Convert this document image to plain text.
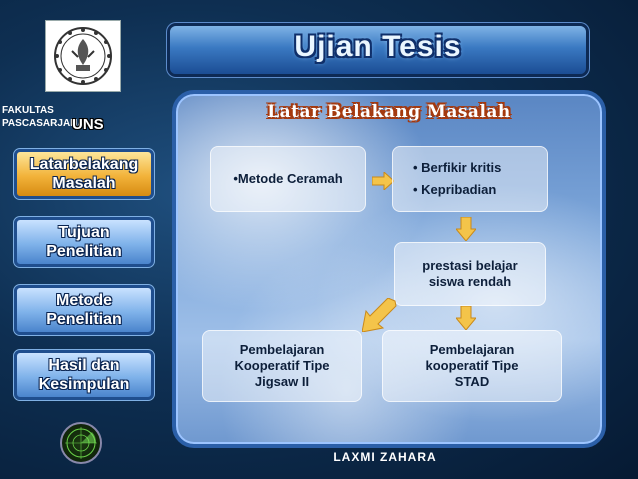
FAKULTAS
PASCASARJANA
UNS
Ujian Tesis
Latarbelakang Masalah
Tujuan Penelitian
Metode Penelitian
Hasil dan Kesimpulan
Latar Belakang Masalah
•Metode Ceramah
• Berfikir kritis
• Kepribadian
prestasi belajar siswa rendah
Pembelajaran kooperatif Tipe STAD
Pembelajaran Kooperatif Tipe Jigsaw II
LAXMI ZAHARA
